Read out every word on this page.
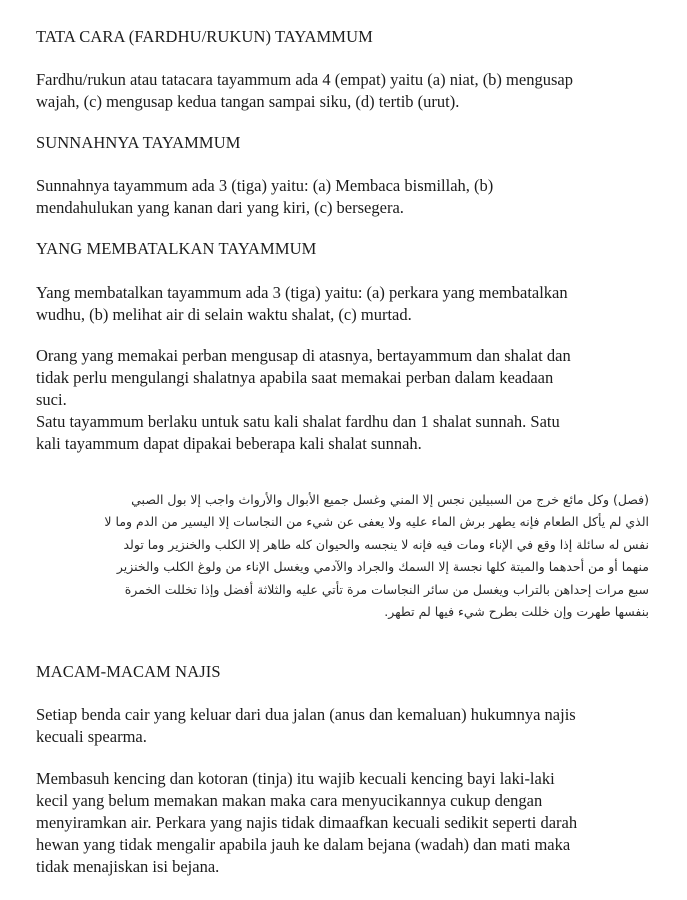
TATA CARA (FARDHU/RUKUN) TAYAMMUM
Fardhu/rukun atau tatacara tayammum ada 4 (empat) yaitu (a) niat, (b) mengusap
wajah, (c) mengusap kedua tangan sampai siku, (d) tertib (urut).
SUNNAHNYA TAYAMMUM
Sunnahnya tayammum ada 3 (tiga) yaitu: (a) Membaca bismillah, (b)
mendahulukan yang kanan dari yang kiri, (c) bersegera.
YANG MEMBATALKAN TAYAMMUM
Yang membatalkan tayammum ada 3 (tiga) yaitu: (a) perkara yang membatalkan
wudhu, (b) melihat air di selain waktu shalat, (c) murtad.
Orang yang memakai perban mengusap di atasnya, bertayammum dan shalat dan
tidak perlu mengulangi shalatnya apabila saat memakai perban dalam keadaan
suci.
Satu tayammum berlaku untuk satu kali shalat fardhu dan 1 shalat sunnah. Satu
kali tayammum dapat dipakai beberapa kali shalat sunnah.
(فصل) وكل مائع خرج من السبيلين نجس إلا المني وغسل جميع الأبوال والأرواث واجب إلا بول الصبي
الذي لم يأكل الطعام فإنه يطهر برش الماء عليه ولا يعفى عن شيء من النجاسات إلا اليسير من الدم وما لا
نفس له سائلة إذا وقع في الإناء ومات فيه فإنه لا ينجسه والحيوان كله طاهر إلا الكلب والخنزير وما تولد
منهما أو من أحدهما والميتة كلها نجسة إلا السمك والجراد والآدمي ويغسل الإناء من ولوغ الكلب والخنزير
سبع مرات إحداهن بالتراب ويغسل من سائر النجاسات مرة تأتي عليه والثلاثة أفضل وإذا تخللت الخمرة
بنفسها طهرت وإن خللت بطرح شيء فيها لم تطهر.
MACAM-MACAM NAJIS
Setiap benda cair yang keluar dari dua jalan (anus dan kemaluan) hukumnya najis
kecuali spearma.
Membasuh kencing dan kotoran (tinja) itu wajib kecuali kencing bayi laki-laki
kecil yang belum memakan makan maka cara menyucikannya cukup dengan
menyiramkan air. Perkara yang najis tidak dimaafkan kecuali sedikit seperti darah
hewan yang tidak mengalir apabila jauh ke dalam bejana (wadah) dan mati maka
tidak menajiskan isi bejana.
